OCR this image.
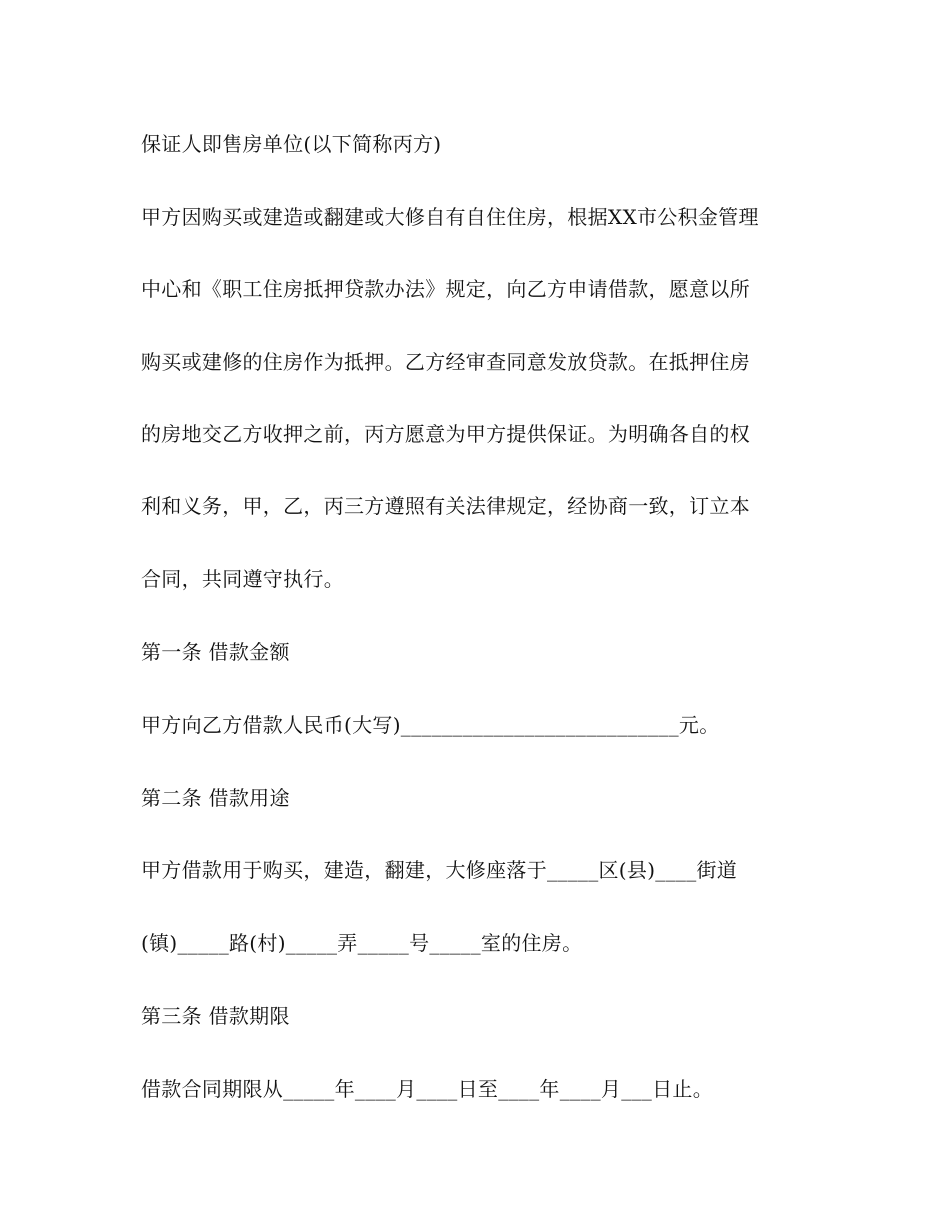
保证人即售房单位(以下简称丙方)
甲方因购买或建造或翻建或大修自有自住住房，根据XX市公积金管理
中心和《职工住房抵押贷款办法》规定，向乙方申请借款，愿意以所
购买或建修的住房作为抵押。乙方经审查同意发放贷款。在抵押住房
的房地交乙方收押之前，丙方愿意为甲方提供保证。为明确各自的权
利和义务，甲，乙，丙三方遵照有关法律规定，经协商一致，订立本
合同，共同遵守执行。
第一条 借款金额
甲方向乙方借款人民币(大写)___________________________元。
第二条 借款用途
甲方借款用于购买，建造，翻建，大修座落于_____区(县)____街道
(镇)_____路(村)_____弄_____号_____室的住房。
第三条 借款期限
借款合同期限从_____年____月____日至____年____月___日止。
